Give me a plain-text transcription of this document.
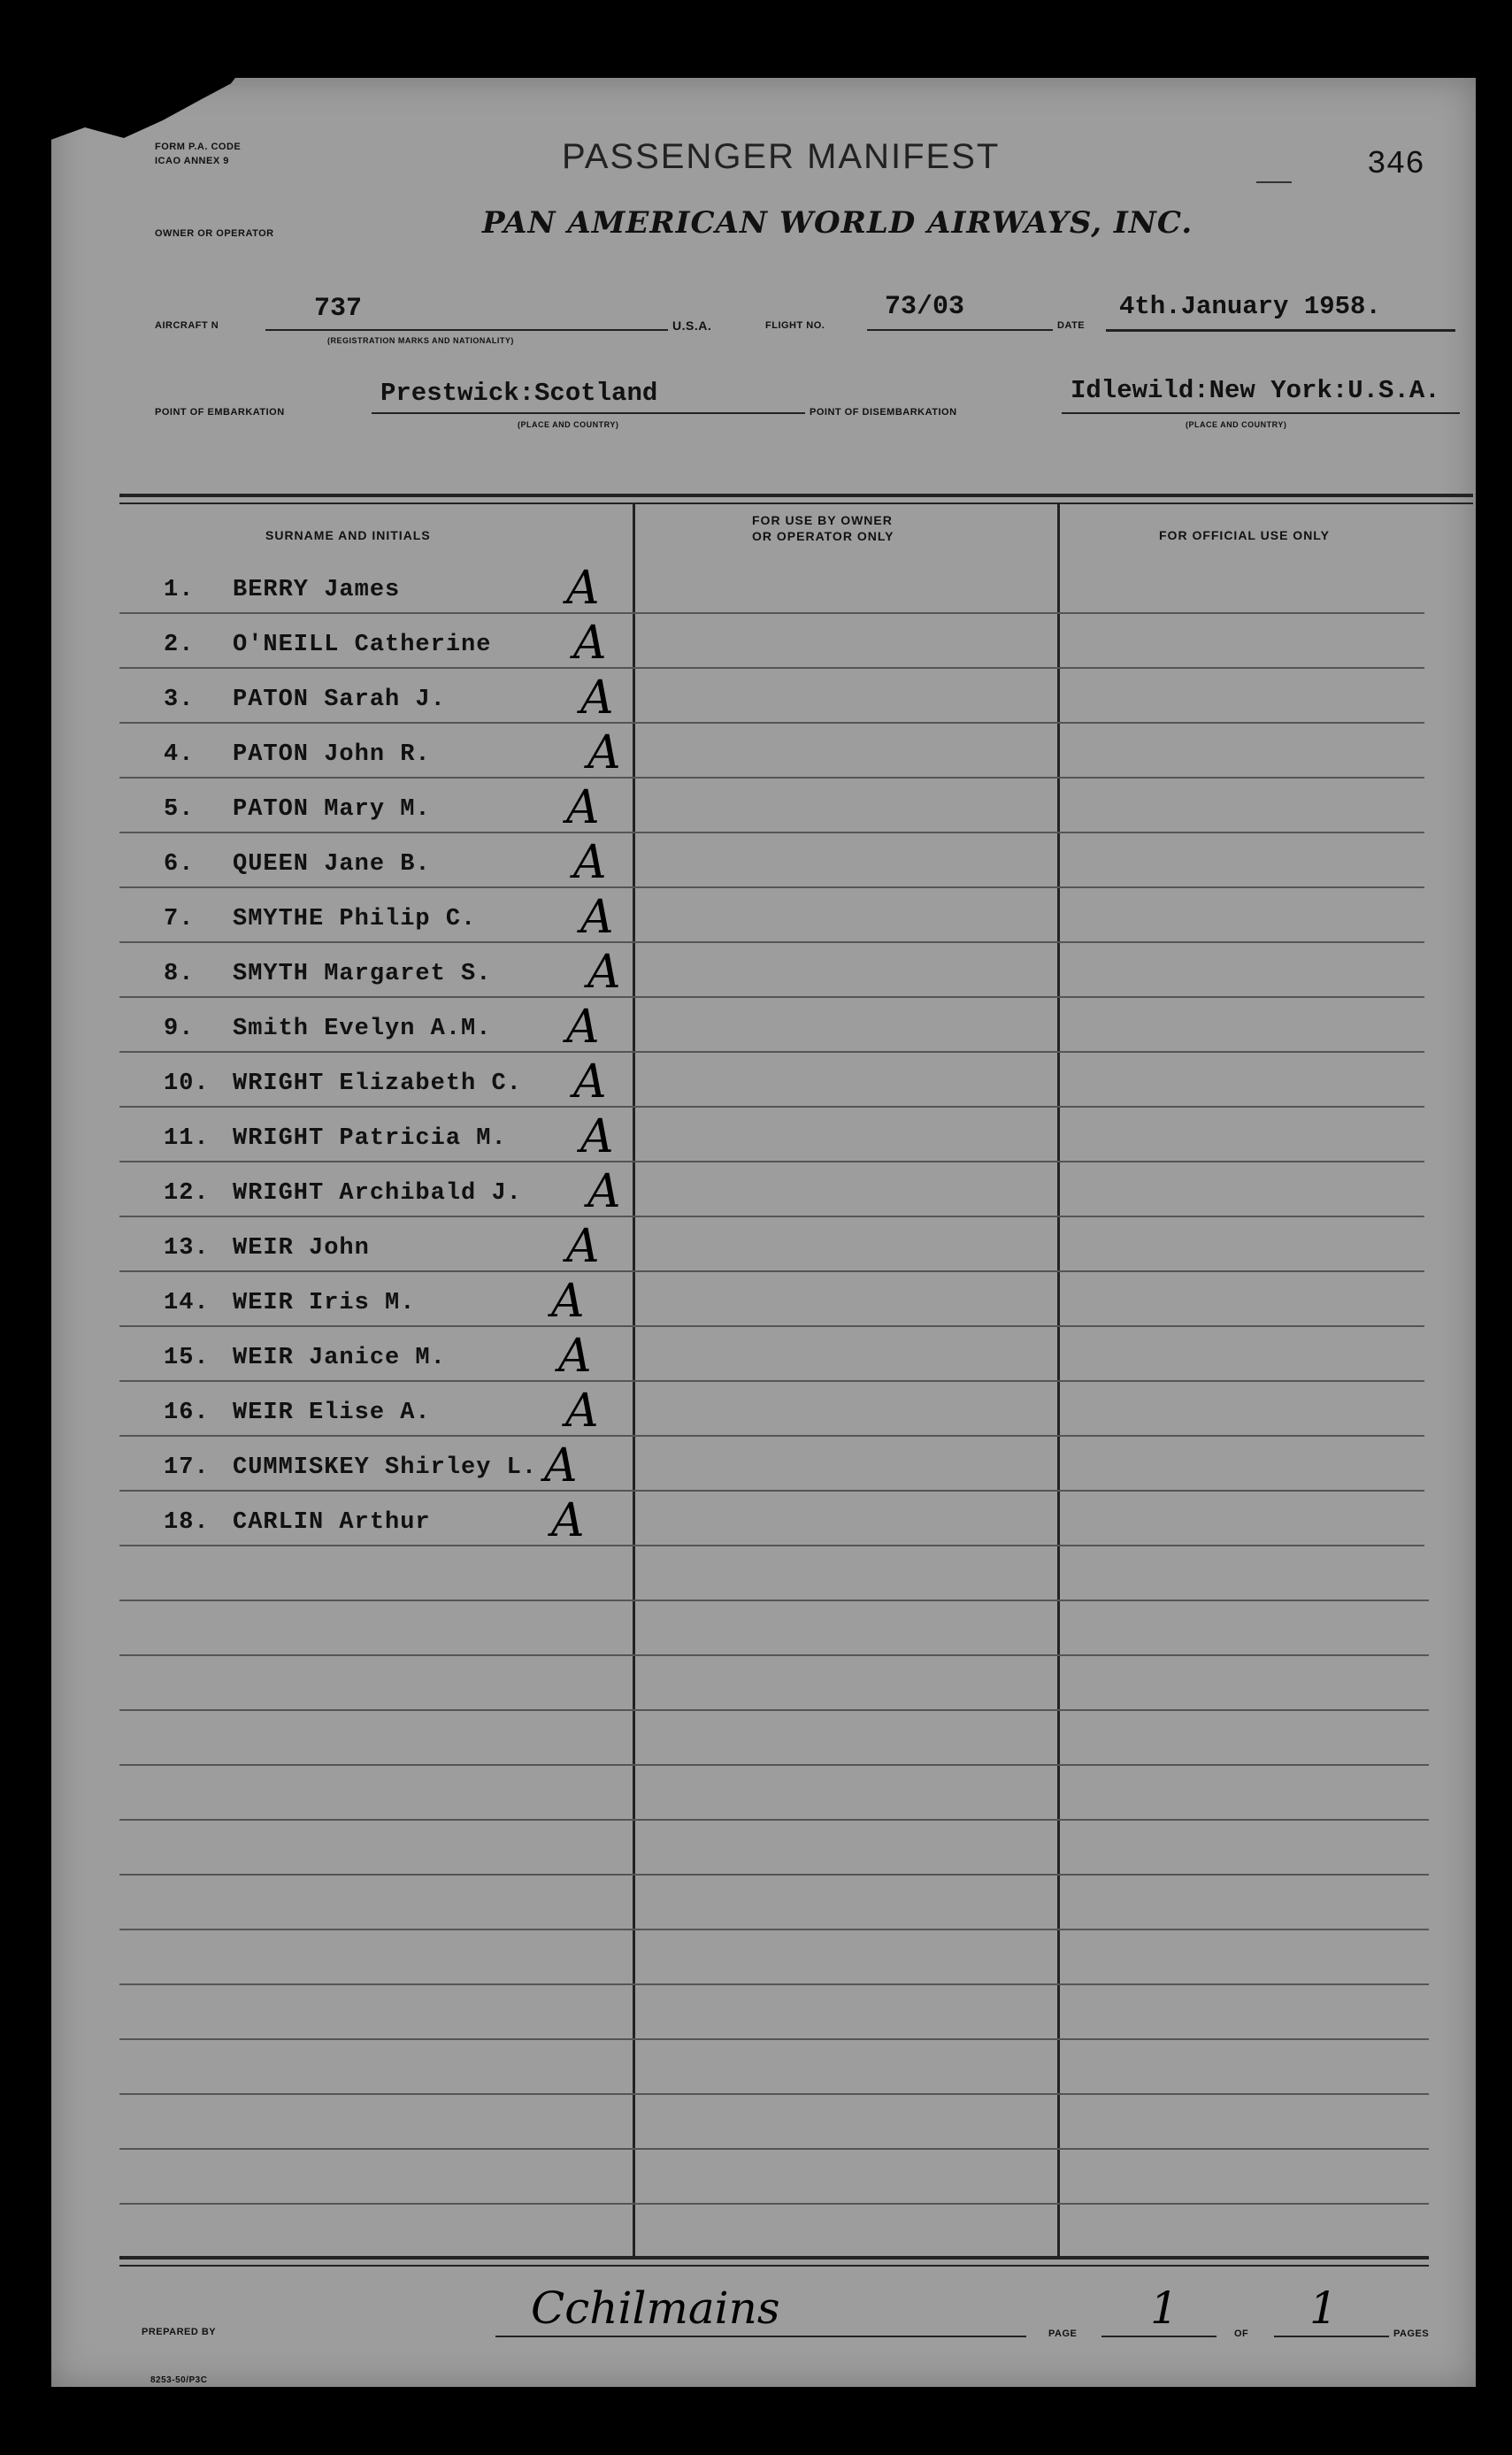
FORM P.A. CODE
ICAO ANNEX 9	PASSENGER MANIFEST	346
OWNER OR OPERATOR	PAN AMERICAN WORLD AIRWAYS, INC.
AIRCRAFT N
737
(REGISTRATION MARKS AND NATIONALITY)
U.S.A.	FLIGHT NO.
73/03
DATE
4th.January 1958.
POINT OF EMBARKATION
Prestwick:Scotland
(PLACE AND COUNTRY)
POINT OF DISEMBARKATION
Idlewild:New York:U.S.A.
(PLACE AND COUNTRY)
SURNAME AND INITIALS
FOR USE BY OWNER
OR OPERATOR ONLY	FOR OFFICIAL USE ONLY
1. BERRY James	A
2. O'NEILL Catherine A
3. PATON Sarah J.	A
4. PATON John R.	A
5. PATON Mary M.	A
6. QUEEN Jane B.	A
7. SMYTHE Philip C. A
8. SMYTH Margaret S. A
9. Smith Evelyn A.M. A
10. WRIGHT Elizabeth C. A
11. WRIGHT Patricia M. A
12. WRIGHT Archibald J. A
13. WEIR John	A
14. WEIR Iris M.	A
15. WEIR Janice M. A
16. WEIR Elise A.	A
17. CUMMISKEY Shirley L. A
18. CARLIN Arthur	A
PREPARED BY	Cchilmains	PAGE 1	OF 1	PAGES
8253-50/P3C
